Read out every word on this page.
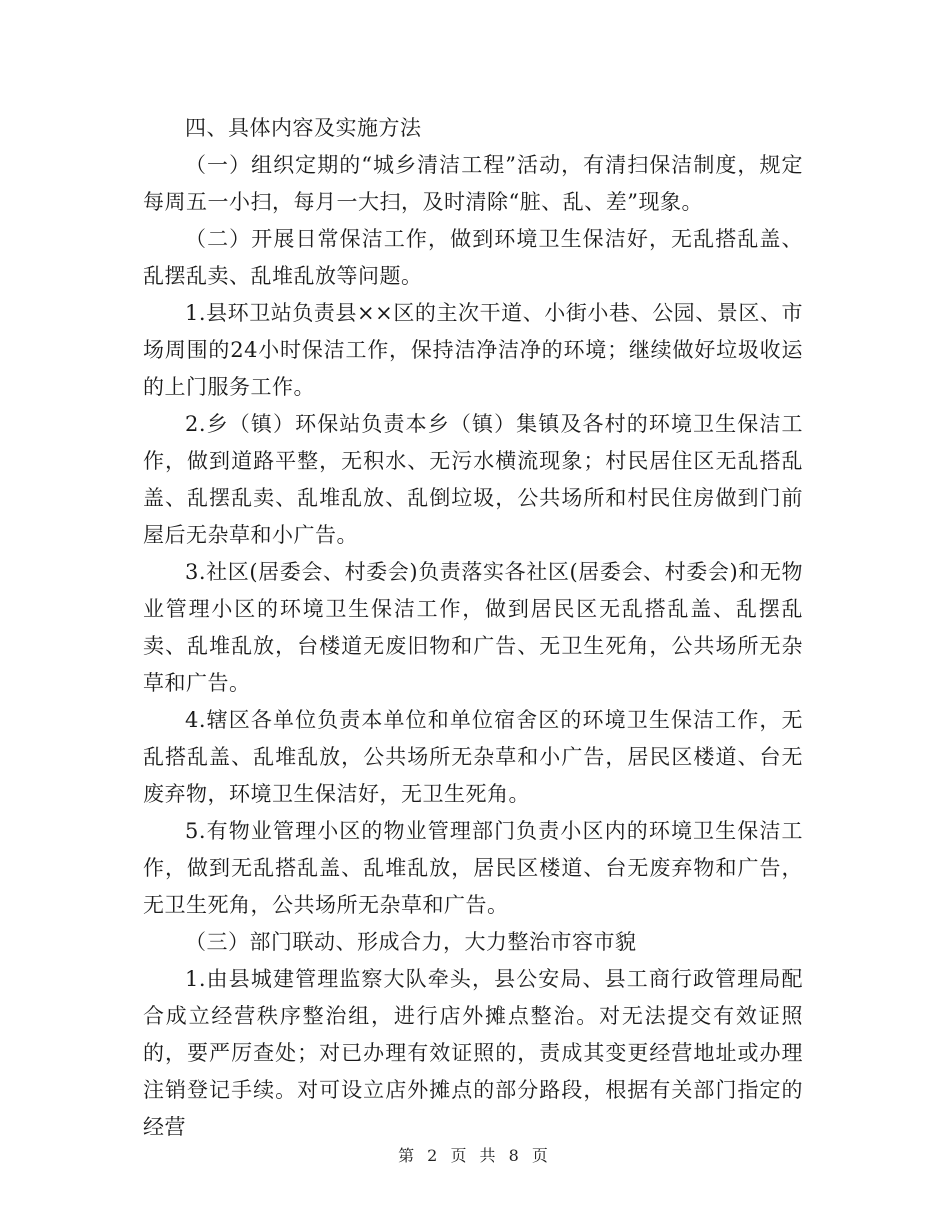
四、具体内容及实施方法

（一）组织定期的“城乡清洁工程”活动，有清扫保洁制度，规定每周五一小扫，每月一大扫，及时清除“脏、乱、差”现象。

（二）开展日常保洁工作，做到环境卫生保洁好，无乱搭乱盖、乱摆乱卖、乱堆乱放等问题。

1.县环卫站负责县××区的主次干道、小街小巷、公园、景区、市场周围的24小时保洁工作，保持洁净洁净的环境；继续做好垃圾收运的上门服务工作。

2.乡（镇）环保站负责本乡（镇）集镇及各村的环境卫生保洁工作，做到道路平整，无积水、无污水横流现象；村民居住区无乱搭乱盖、乱摆乱卖、乱堆乱放、乱倒垃圾，公共场所和村民住房做到门前屋后无杂草和小广告。

3.社区(居委会、村委会)负责落实各社区(居委会、村委会)和无物业管理小区的环境卫生保洁工作，做到居民区无乱搭乱盖、乱摆乱卖、乱堆乱放，台楼道无废旧物和广告、无卫生死角，公共场所无杂草和广告。

4.辖区各单位负责本单位和单位宿舍区的环境卫生保洁工作，无乱搭乱盖、乱堆乱放，公共场所无杂草和小广告，居民区楼道、台无废弃物，环境卫生保洁好，无卫生死角。

5.有物业管理小区的物业管理部门负责小区内的环境卫生保洁工作，做到无乱搭乱盖、乱堆乱放，居民区楼道、台无废弃物和广告，无卫生死角，公共场所无杂草和广告。

（三）部门联动、形成合力，大力整治市容市貌

1.由县城建管理监察大队牵头，县公安局、县工商行政管理局配合成立经营秩序整治组，进行店外摊点整治。对无法提交有效证照的，要严厉查处；对已办理有效证照的，责成其变更经营地址或办理注销登记手续。对可设立店外摊点的部分路段，根据有关部门指定的经营

第 2 页 共 8 页
